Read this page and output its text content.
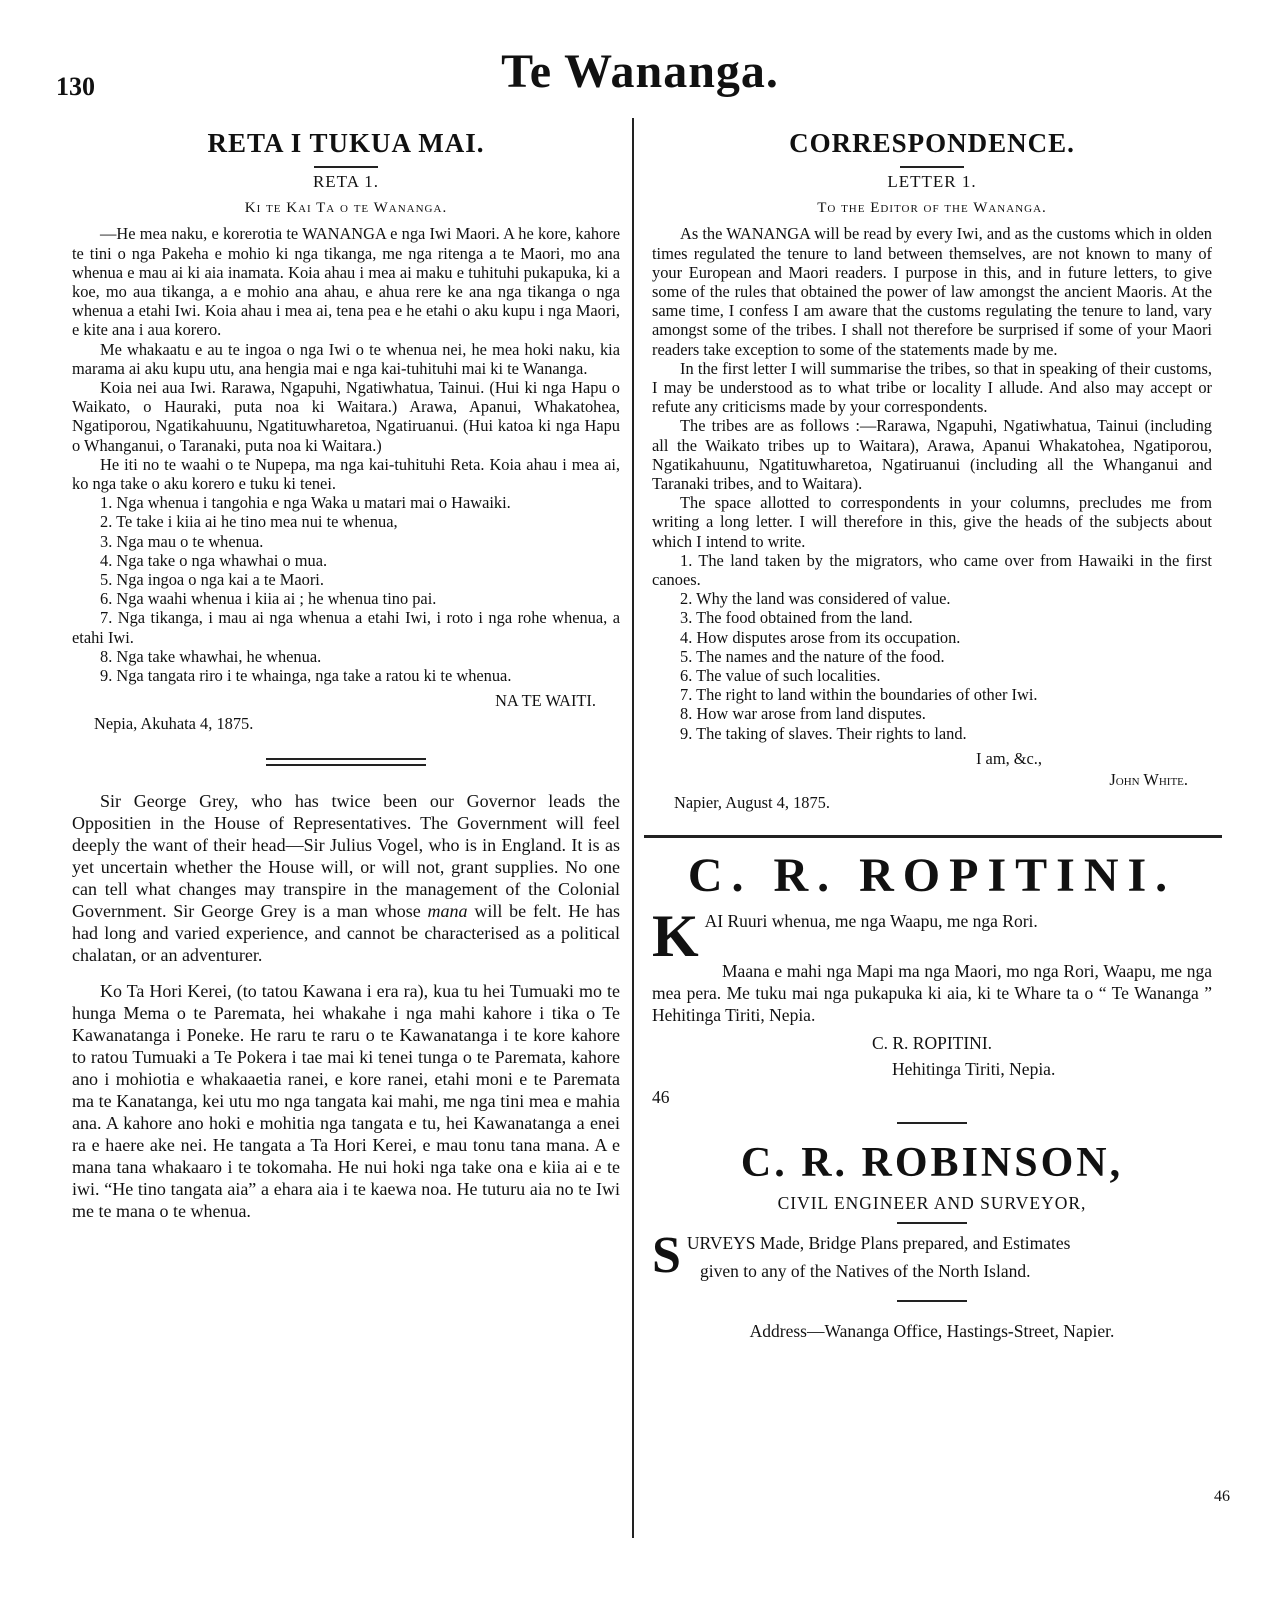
130	Te Wananga.
RETA I TUKUA MAI.
RETA 1.
Ki te Kai Ta o te Wananga.

—He mea naku, e korerotia te WANANGA e nga Iwi Maori. A he kore, kahore te tini o nga Pakeha e mohio ki nga tikanga, me nga ritenga a te Maori, mo ana whenua e mau ai ki aia inamata. Koia ahau i mea ai maku e tuhituhi pukapuka, ki a koe, mo aua tikanga, a e mohio ana ahau, e ahua rere ke ana nga tikanga o nga whenua a etahi Iwi. Koia ahau i mea ai, tena pea e he etahi o aku kupu i nga Maori, e kite ana i aua korero.

Me whakaatu e au te ingoa o nga Iwi o te whenua nei, he mea hoki naku, kia marama ai aku kupu utu, ana hengia mai e nga kai-tuhituhi mai ki te Wananga.

Koia nei aua Iwi. Rarawa, Ngapuhi, Ngatiwhatua, Tainui. (Hui ki nga Hapu o Waikato, o Hauraki, puta noa ki Waitara.) Arawa, Apanui, Whakatohea, Ngatiporou, Ngatikahuunu, Ngatituwharetoa, Ngatiruanui. (Hui katoa ki nga Hapu o Whanganui, o Taranaki, puta noa ki Waitara.)

He iti no te waahi o te Nupepa, ma nga kai-tuhituhi Reta. Koia ahau i mea ai, ko nga take o aku korero e tuku ki tenei.

1. Nga whenua i tangohia e nga Waka u matari mai o Hawaiki.

2. Te take i kiia ai he tino mea nui te whenua,

3. Nga mau o te whenua.

4. Nga take o nga whawhai o mua.

5. Nga ingoa o nga kai a te Maori.

6. Nga waahi whenua i kiia ai ; he whenua tino pai.

7. Nga tikanga, i mau ai nga whenua a etahi Iwi, i roto i nga rohe whenua, a etahi Iwi.

8. Nga take whawhai, he whenua.

9. Nga tangata riro i te whainga, nga take a ratou ki te whenua.

NA TE WAITI.

Nepia, Akuhata 4, 1875.

Sir George Grey, who has twice been our Governor leads the Oppositien in the House of Representatives. The Government will feel deeply the want of their head—Sir Julius Vogel, who is in England. It is as yet uncertain whether the House will, or will not, grant supplies. No one can tell what changes may transpire in the management of the Colonial Government. Sir George Grey is a man whose mana will be felt. He has had long and varied experience, and cannot be characterised as a political chalatan, or an adventurer.

Ko Ta Hori Kerei, (to tatou Kawana i era ra), kua tu hei Tumuaki mo te hunga Mema o te Paremata, hei whakahe i nga mahi kahore i tika o Te Kawanatanga i Poneke. He raru te raru o te Kawanatanga i te kore kahore to ratou Tumuaki a Te Pokera i tae mai ki tenei tunga o te Paremata, kahore ano i mohiotia e whakaaetia ranei, e kore ranei, etahi moni e te Paremata ma te Kanatanga, kei utu mo nga tangata kai mahi, me nga tini mea e mahia ana. A kahore ano hoki e mohitia nga tangata e tu, hei Kawanatanga a enei ra e haere ake nei. He tangata a Ta Hori Kerei, e mau tonu tana mana. A e mana tana whakaaro i te tokomaha. He nui hoki nga take ona e kiia ai e te iwi. “He tino tangata aia” a ehara aia i te kaewa noa. He tuturu aia no te Iwi me te mana o te whenua.

CORRESPONDENCE.
LETTER 1.
To the Editor of the Wananga.

As the WANANGA will be read by every Iwi, and as the customs which in olden times regulated the tenure to land between themselves, are not known to many of your European and Maori readers. I purpose in this, and in future letters, to give some of the rules that obtained the power of law amongst the ancient Maoris. At the same time, I confess I am aware that the customs regulating the tenure to land, vary amongst some of the tribes. I shall not therefore be surprised if some of your Maori readers take exception to some of the statements made by me.

In the first letter I will summarise the tribes, so that in speaking of their customs, I may be understood as to what tribe or locality I allude. And also may accept or refute any criticisms made by your correspondents.

The tribes are as follows :—Rarawa, Ngapuhi, Ngatiwhatua, Tainui (including all the Waikato tribes up to Waitara), Arawa, Apanui Whakatohea, Ngatiporou, Ngatikahuunu, Ngatituwharetoa, Ngatiruanui (including all the Whanganui and Taranaki tribes, and to Waitara).

The space allotted to correspondents in your columns, precludes me from writing a long letter. I will therefore in this, give the heads of the subjects about which I intend to write.

1. The land taken by the migrators, who came over from Hawaiki in the first canoes.

2. Why the land was considered of value.

3. The food obtained from the land.

4. How disputes arose from its occupation.

5. The names and the nature of the food.

6. The value of such localities.

7. The right to land within the boundaries of other Iwi.

8. How war arose from land disputes.

9. The taking of slaves. Their rights to land.

I am, &c.,

John White.

Napier, August 4, 1875.

C. R. ROPITINI.
K AI Ruuri whenua, me nga Waapu, me nga Rori.

Maana e mahi nga Mapi ma nga Maori, mo nga Rori, Waapu, me nga mea pera. Me tuku mai nga pukapuka ki aia, ki te Whare ta o “ Te Wananga ” Hehitinga Tiriti, Nepia.

C. R. ROPITINI.

Hehitinga Tiriti, Nepia.

46

C. R. ROBINSON,

CIVIL ENGINEER AND SURVEYOR,

S URVEYS Made, Bridge Plans prepared, and Estimates

given to any of the Natives of the North Island.

Address—Wananga Office, Hastings-Street, Napier.

46
